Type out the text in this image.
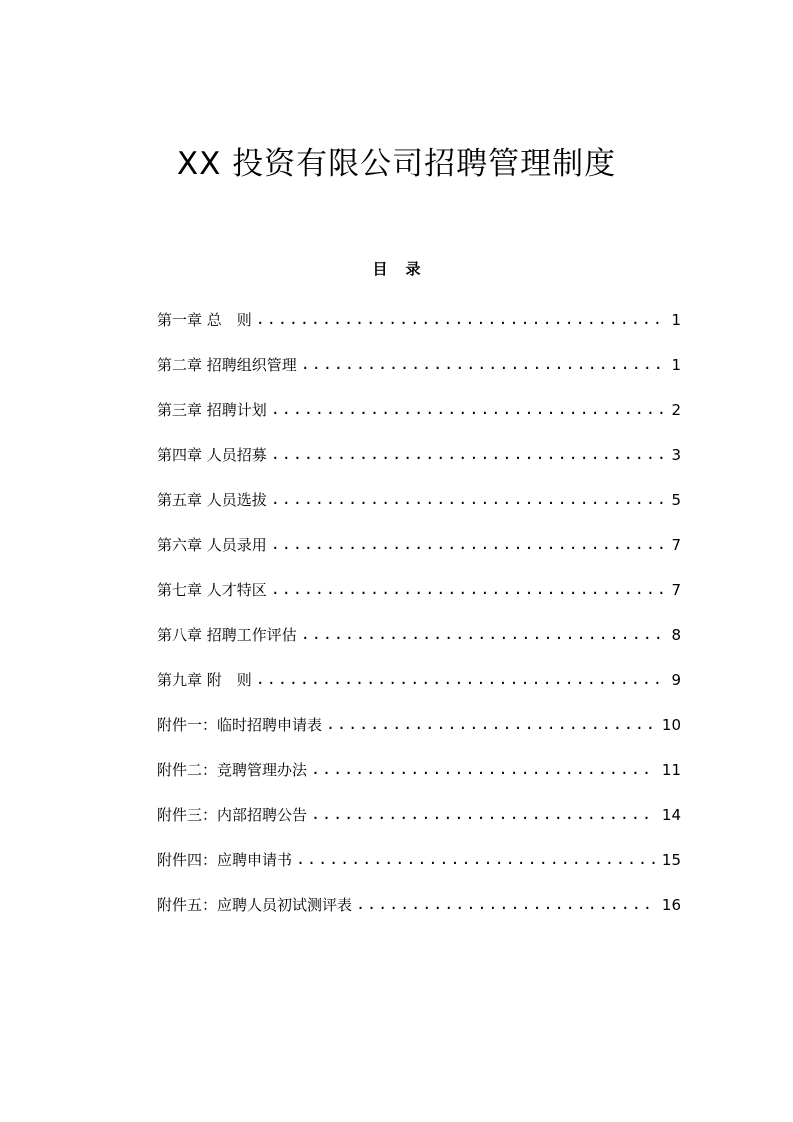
XX 投资有限公司招聘管理制度
目 录
第一章 总　则 .....	1
第二章 招聘组织管理 .....	1
第三章 招聘计划 .....	2
第四章 人员招募 .....	3
第五章 人员选拔 .....	5
第六章 人员录用 .....	7
第七章 人才特区 .....	7
第八章 招聘工作评估 .....	8
第九章 附　则 .....	9
附件一：临时招聘申请表 .....	10
附件二：竞聘管理办法 .....	11
附件三：内部招聘公告 .....	14
附件四：应聘申请书 .....	15
附件五：应聘人员初试测评表 .....	16
